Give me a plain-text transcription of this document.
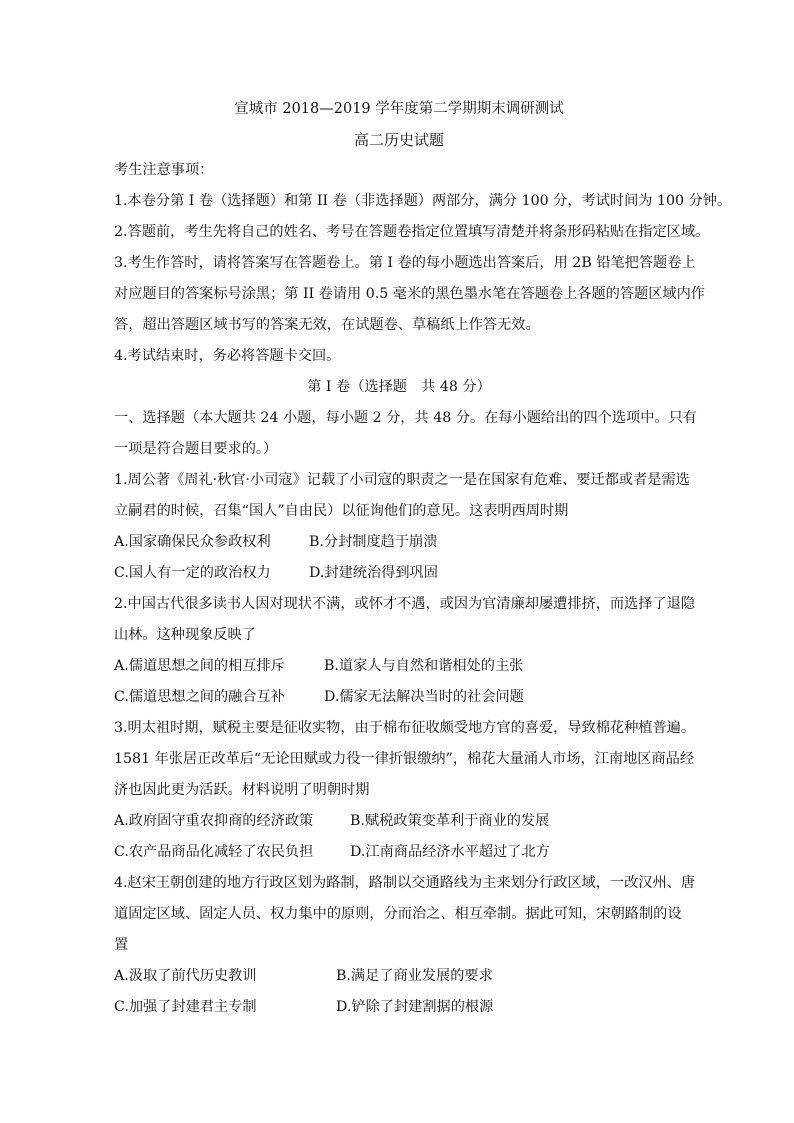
宣城市 2018—2019 学年度第二学期期末调研测试

高二历史试题

考生注意事项：

1.本卷分第 I 卷（选择题）和第 II 卷（非选择题）两部分，满分 100 分，考试时间为 100 分钟。

2.答题前，考生先将自己的姓名、考号在答题卷指定位置填写清楚并将条形码粘贴在指定区域。

3.考生作答时，请将答案写在答题卷上。第 I 卷的每小题选出答案后，用 2B 铅笔把答题卷上

对应题目的答案标号涂黑；第 II 卷请用 0.5 毫米的黑色墨水笔在答题卷上各题的答题区域内作

答，超出答题区域书写的答案无效，在试题卷、草稿纸上作答无效。

4.考试结束时，务必将答题卡交回。

第 I 卷（选择题　共 48 分）

一、选择题（本大题共 24 小题，每小题 2 分，共 48 分。在每小题给出的四个选项中。只有

一项是符合题目要求的。）

1.周公著《周礼·秋官·小司寇》记载了小司寇的职责之一是在国家有危难、要迁都或者是需选

立嗣君的时候，召集“国人”自由民）以征询他们的意见。这表明西周时期

A.国家确保民众参政权利	B.分封制度趋于崩溃
C.国人有一定的政治权力	D.封建统治得到巩固

2.中国古代很多读书人因对现状不满，或怀才不遇，或因为官清廉却屡遭排挤，而选择了退隐

山林。这种现象反映了

A.儒道思想之间的相互排斥	B.道家人与自然和谐相处的主张
C.儒道思想之间的融合互补	D.儒家无法解决当时的社会问题

3.明太祖时期，赋税主要是征收实物，由于棉布征收颇受地方官的喜爱，导致棉花种植普遍。

1581 年张居正改革后“无论田赋或力役一律折银缴纳”，棉花大量涌人市场，江南地区商品经

济也因此更为活跃。材料说明了明朝时期

A.政府固守重农抑商的经济政策	B.赋税政策变革利于商业的发展
C.农产品商品化减轻了农民负担	D.江南商品经济水平超过了北方

4.赵宋王朝创建的地方行政区划为路制，路制以交通路线为主来划分行政区域，一改汉州、唐

道固定区域、固定人员、权力集中的原则，分而治之、相互牵制。据此可知，宋朝路制的设

置

A.汲取了前代历史教训	B.满足了商业发展的要求
C.加强了封建君主专制	D.铲除了封建割据的根源
